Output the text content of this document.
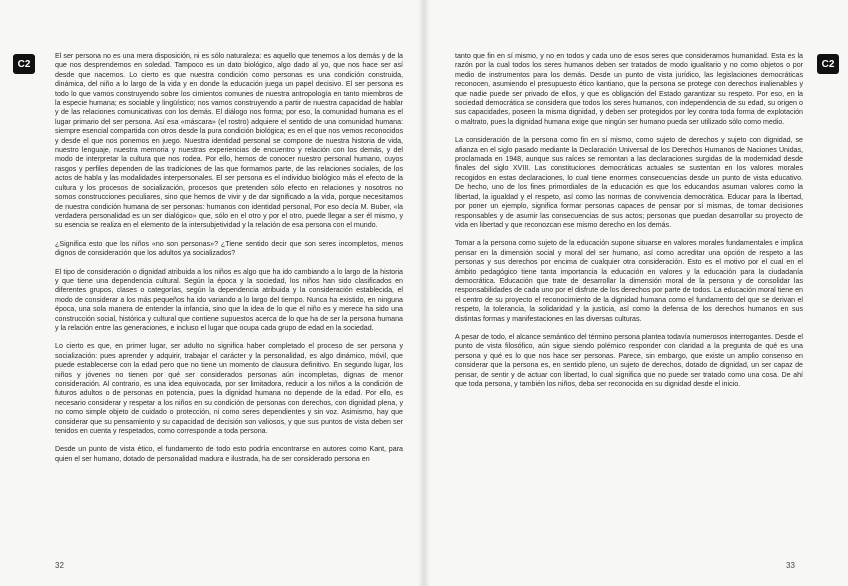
C2

El ser persona no es una mera disposición, ni es sólo naturaleza: es aquello que tenemos a los demás y de la que nos desprendemos en soledad. Tampoco es un dato biológico, algo dado al yo, que nos hace ser así desde que nacemos. Lo cierto es que nuestra condición como personas es una condición construida, dinámica, del niño a lo largo de la vida y en donde la educación juega un papel decisivo. El ser persona es todo lo que vamos construyendo sobre los cimientos comunes de nuestra antropología en tanto miembros de la especie humana; es sociable y lingüístico; nos vamos construyendo a partir de nuestra capacidad de hablar y de las relaciones comunicativas con los demás. El diálogo nos forma; por eso, la comunidad humana es el lugar primario del ser persona. Así esa «máscara» (el rostro) adquiere el sentido de una comunidad humana: siempre esencial compartida con otros desde la pura condición biológica; es en el que nos vemos reconocidos y desde el que nos ponemos en juego. Nuestra identidad personal se compone de nuestra historia de vida, nuestro lenguaje, nuestra memoria y nuestras experiencias de encuentro y relación con los demás, y del modo de interpretar la cultura que nos rodea. Por ello, hemos de conocer nuestro personal humano, cuyos rasgos y perfiles dependen de las tradiciones de las que formamos parte, de las relaciones sociales, de los actos de habla y las modalidades interpersonales. El ser persona es el individuo biológico más el efecto de la cultura y los procesos de socialización, procesos que pretenden sólo efecto en relaciones y nosotros no somos construcciones peculiares, sino que hemos de vivir y de dar significado a la vida, porque necesitamos de nuestra condición humana de ser personas: humanos con identidad personal, Por eso decía M. Buber, «la verdadera personalidad es un ser dialógico» que, sólo en el otro y por el otro, puede llegar a ser él mismo, y su esencia se realiza en el elemento de la intersubjetividad y la relación de esa persona con el mundo.

¿Significa esto que los niños «no son personas»? ¿Tiene sentido decir que son seres incompletos, menos dignos de consideración que los adultos ya socializados?

El tipo de consideración o dignidad atribuida a los niños es algo que ha ido cambiando a lo largo de la historia y que tiene una dependencia cultural. Según la época y la sociedad, los niños han sido clasificados en diferentes grupos, clases o categorías, según la dependencia atribuida y la consideración establecida, el modo de considerar a los más pequeños ha ido variando a lo largo del tiempo. Nunca ha existido, en ninguna época, una sola manera de entender la infancia, sino que la idea de lo que el niño es y merece ha sido una construcción social, histórica y cultural que contiene supuestos acerca de lo que ha de ser la persona humana y la relación entre las generaciones, e incluso el lugar que ocupa cada grupo de edad en la sociedad.

Lo cierto es que, en primer lugar, ser adulto no significa haber completado el proceso de ser persona y socialización: pues aprender y adquirir, trabajar el carácter y la personalidad, es algo dinámico, móvil, que puede establecerse con la edad pero que no tiene un momento de clausura definitivo. En segundo lugar, los niños y jóvenes no tienen por qué ser considerados personas aún incompletas, dignas de menor consideración. Al contrario, es una idea equivocada, por ser limitadora, reducir a los niños a la condición de futuros adultos o de personas en potencia, pues la dignidad humana no depende de la edad. Por ello, es necesario considerar y respetar a los niños en su condición de personas con derechos, con dignidad plena, y no como simple objeto de cuidado o protección, ni como seres dependientes y sin voz. Asimismo, hay que considerar que su pensamiento y su capacidad de decisión son valiosos, y que sus puntos de vista deben ser tenidos en cuenta y respetados, como corresponde a toda persona.

Desde un punto de vista ético, el fundamento de todo esto podría encontrarse en autores como Kant, para quien el ser humano, dotado de personalidad madura e ilustrada, ha de ser considerado persona en

32	33
C2

tanto que fin en sí mismo, y no en todos y cada uno de esos seres que consideramos humanidad. Esta es la razón por la cual todos los seres humanos deben ser tratados de modo igualitario y no como objetos o por medio de instrumentos para los demás. Desde un punto de vista jurídico, las legislaciones democráticas reconocen, asumiendo el presupuesto ético kantiano, que la persona se protege con derechos inalienables y que nadie puede ser privado de ellos, y que es obligación del Estado garantizar su respeto. Por eso, en la sociedad democrática se considera que todos los seres humanos, con independencia de su edad, su origen o sus capacidades, poseen la misma dignidad, y deben ser protegidos por ley contra toda forma de explotación o maltrato, pues la dignidad humana exige que ningún ser humano pueda ser utilizado sólo como medio.

La consideración de la persona como fin en sí mismo, como sujeto de derechos y sujeto con dignidad, se afianza en el siglo pasado mediante la Declaración Universal de los Derechos Humanos de Naciones Unidas, proclamada en 1948, aunque sus raíces se remontan a las declaraciones surgidas de la modernidad desde finales del siglo XVIII. Las constituciones democráticas actuales se sustentan en los valores morales recogidos en estas declaraciones, lo cual tiene enormes consecuencias desde un punto de vista educativo. De hecho, uno de los fines primordiales de la educación es que los educandos asuman valores como la libertad, la igualdad y el respeto, así como las normas de convivencia democrática. Educar para la libertad, por poner un ejemplo, significa formar personas capaces de pensar por sí mismas, de tomar decisiones responsables y de asumir las consecuencias de sus actos; personas que puedan desarrollar su proyecto de vida en libertad y que reconozcan ese mismo derecho en los demás.

Tomar a la persona como sujeto de la educación supone situarse en valores morales fundamentales e implica pensar en la dimensión social y moral del ser humano, así como acreditar una opción de respeto a las personas y sus derechos por encima de cualquier otra consideración. Esto es el motivo por el cual en el ámbito pedagógico tiene tanta importancia la educación en valores y la educación para la ciudadanía democrática. Educación que trate de desarrollar la dimensión moral de la persona y de consolidar las responsabilidades de cada uno por el disfrute de los derechos por parte de todos. La educación moral tiene en el centro de su proyecto el reconocimiento de la dignidad humana como el fundamento del que se derivan el respeto, la tolerancia, la solidaridad y la justicia, así como la defensa de los derechos humanos en sus distintas formas y manifestaciones en las diversas culturas.

A pesar de todo, el alcance semántico del término persona plantea todavía numerosos interrogantes. Desde el punto de vista filosófico, aún sigue siendo polémico responder con claridad a la pregunta de qué es una persona y qué es lo que nos hace ser personas. Parece, sin embargo, que existe un amplio consenso en considerar que la persona es, en sentido pleno, un sujeto de derechos, dotado de dignidad, un ser capaz de pensar, de sentir y de actuar con libertad, lo cual significa que no puede ser tratado como una cosa. De ahí que toda persona, y también los niños, deba ser reconocida en su dignidad desde el inicio.
